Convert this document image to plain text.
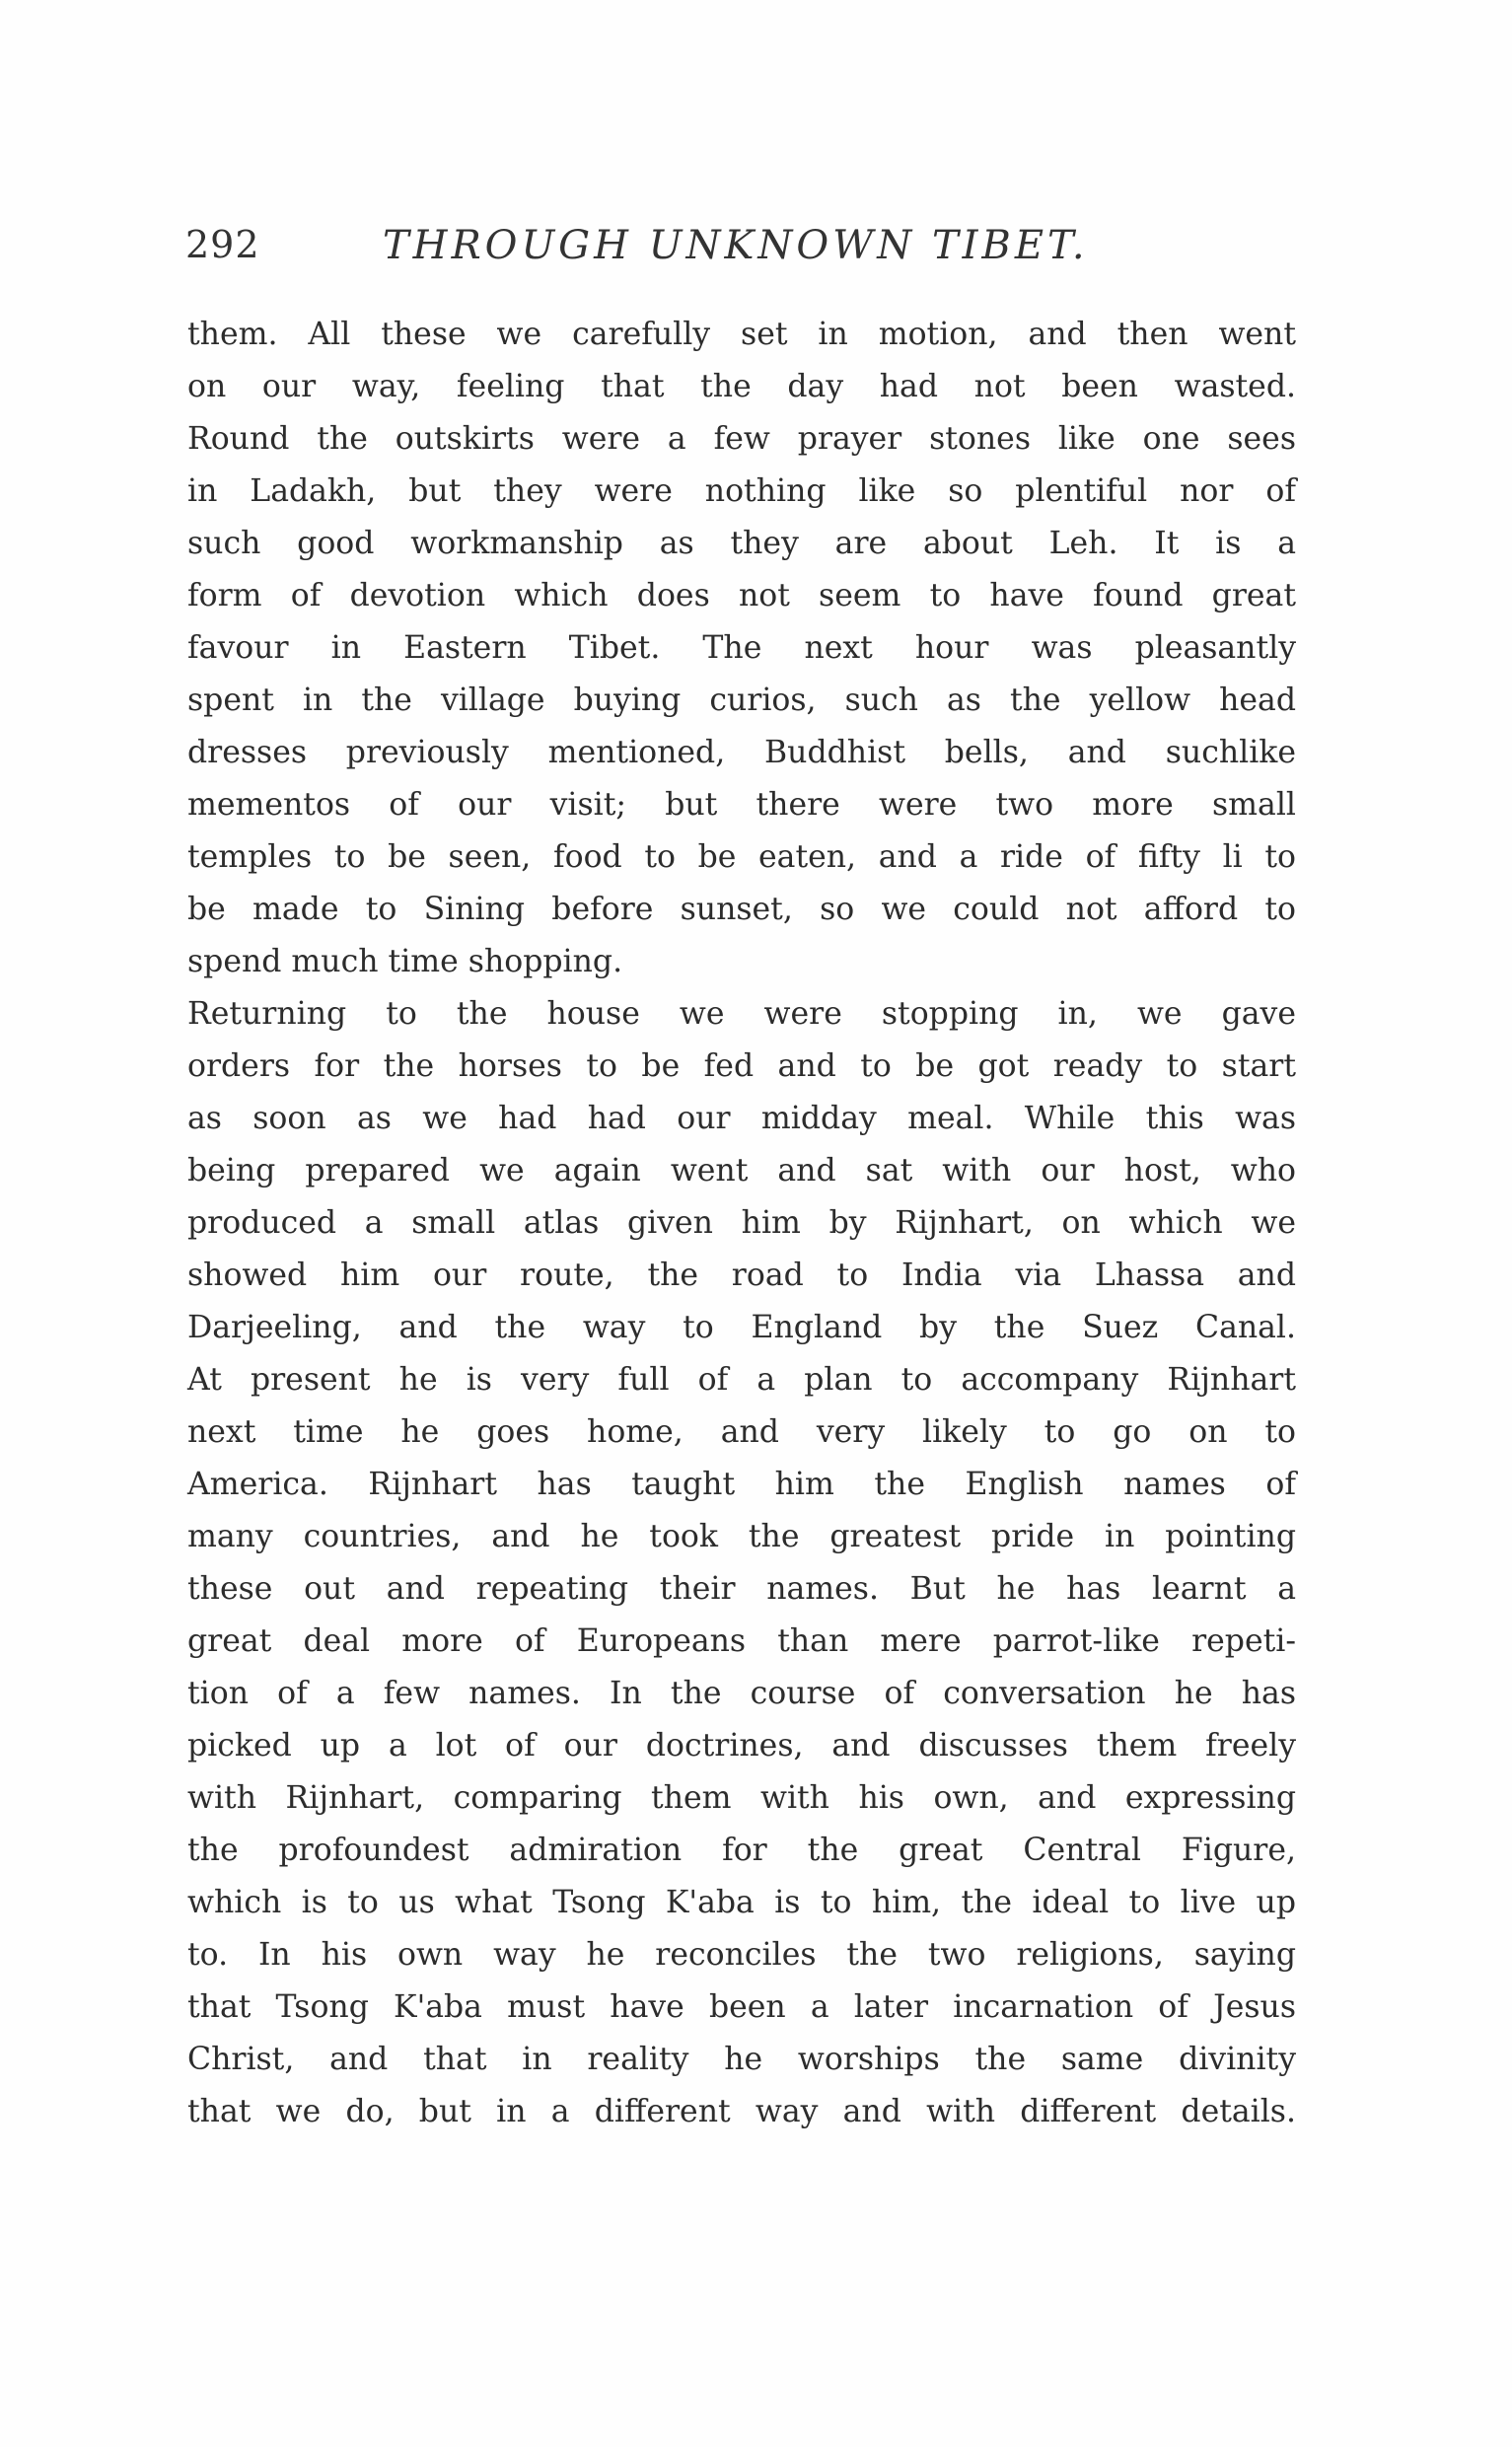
292	THROUGH UNKNOWN TIBET.
them. All these we carefully set in motion, and then went
on our way, feeling that the day had not been wasted.
Round the outskirts were a few prayer stones like one sees
in Ladakh, but they were nothing like so plentiful nor of
such good workmanship as they are about Leh. It is a
form of devotion which does not seem to have found great
favour in Eastern Tibet. The next hour was pleasantly
spent in the village buying curios, such as the yellow head
dresses previously mentioned, Buddhist bells, and suchlike
mementos of our visit; but there were two more small
temples to be seen, food to be eaten, and a ride of fifty li to
be made to Sining before sunset, so we could not afford to
spend much time shopping.
Returning to the house we were stopping in, we gave
orders for the horses to be fed and to be got ready to start
as soon as we had had our midday meal. While this was
being prepared we again went and sat with our host, who
produced a small atlas given him by Rijnhart, on which we
showed him our route, the road to India via Lhassa and
Darjeeling, and the way to England by the Suez Canal.
At present he is very full of a plan to accompany Rijnhart
next time he goes home, and very likely to go on to
America. Rijnhart has taught him the English names of
many countries, and he took the greatest pride in pointing
these out and repeating their names. But he has learnt a
great deal more of Europeans than mere parrot-like repeti-
tion of a few names. In the course of conversation he has
picked up a lot of our doctrines, and discusses them freely
with Rijnhart, comparing them with his own, and expressing
the profoundest admiration for the great Central Figure,
which is to us what Tsong K'aba is to him, the ideal to live up
to. In his own way he reconciles the two religions, saying
that Tsong K'aba must have been a later incarnation of Jesus
Christ, and that in reality he worships the same divinity
that we do, but in a different way and with different details.
